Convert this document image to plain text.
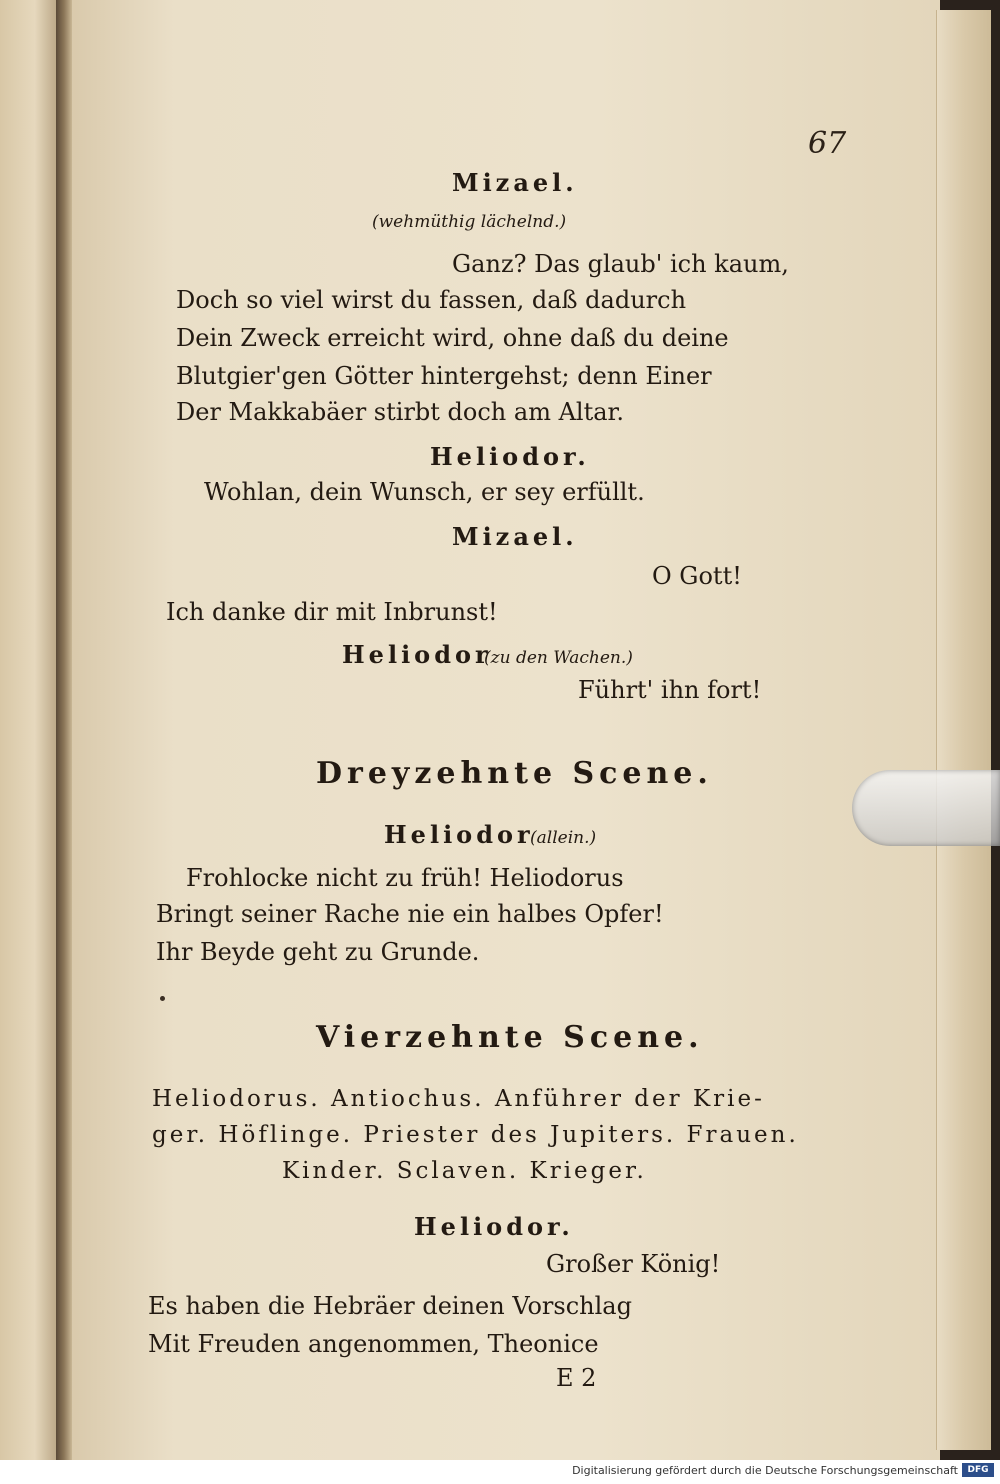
67
Mizael.
(wehmüthig lächelnd.)
Ganz? Das glaub' ich kaum,
Doch so viel wirst du fassen, daß dadurch
Dein Zweck erreicht wird, ohne daß du deine
Blutgier'gen Götter hintergehst; denn Einer
Der Makkabäer stirbt doch am Altar.
Heliodor.
Wohlan, dein Wunsch, er sey erfüllt.
Mizael.
O Gott!
Ich danke dir mit Inbrunst!
Heliodor
(zu den Wachen.)
Führt' ihn fort!
Dreyzehnte Scene.
Heliodor
(allein.)
Frohlocke nicht zu früh! Heliodorus
Bringt seiner Rache nie ein halbes Opfer!
Ihr Beyde geht zu Grunde.
Vierzehnte Scene.
Heliodorus. Antiochus. Anführer der Krie-
ger. Höflinge. Priester des Jupiters. Frauen.
Kinder. Sclaven. Krieger.
Heliodor.
Großer König!
Es haben die Hebräer deinen Vorschlag
Mit Freuden angenommen, Theonice
E 2
Digitalisierung gefördert durch die Deutsche Forschungsgemeinschaft	DFG
